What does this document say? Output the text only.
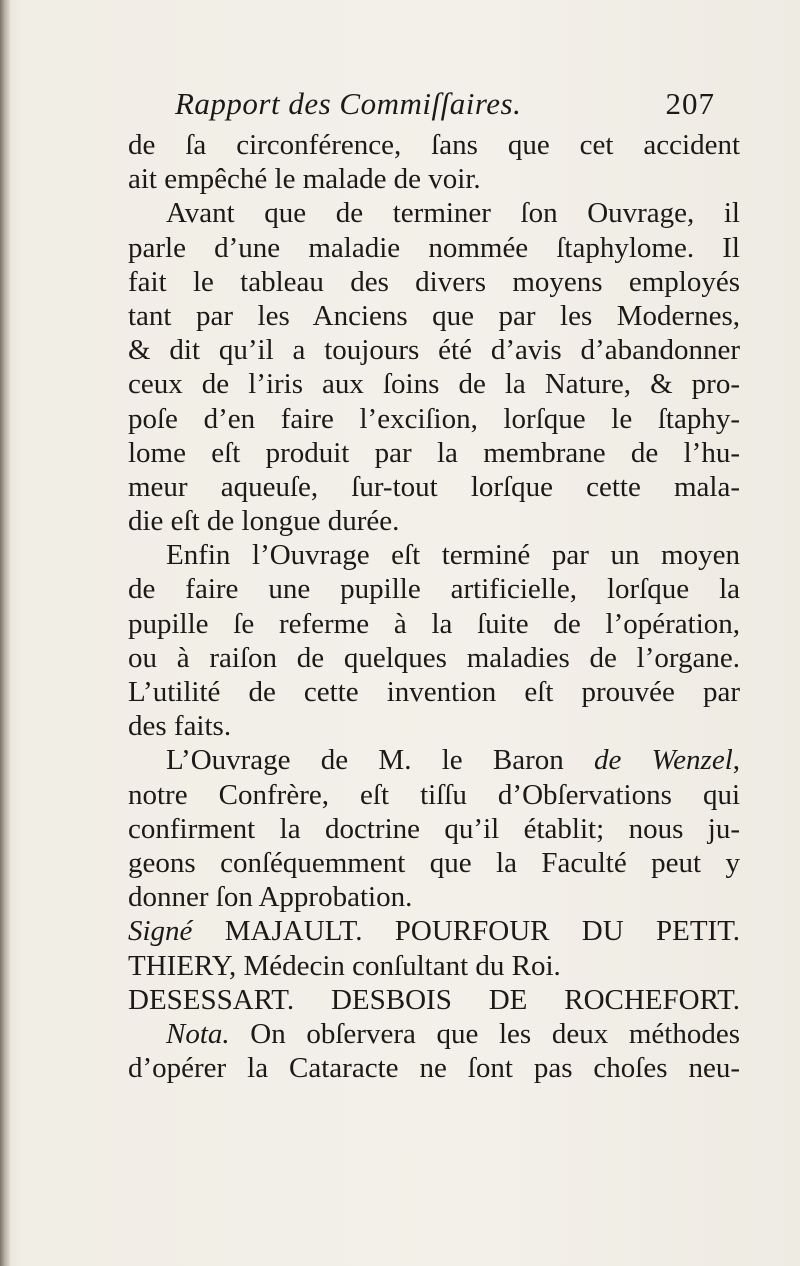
Rapport des Commiſſaires.	207
de ſa circonférence, ſans que cet accident
ait empêché le malade de voir.
Avant que de terminer ſon Ouvrage, il
parle d’une maladie nommée ſtaphylome. Il
fait le tableau des divers moyens employés
tant par les Anciens que par les Modernes,
& dit qu’il a toujours été d’avis d’abandonner
ceux de l’iris aux ſoins de la Nature, & pro-
poſe d’en faire l’exciſion, lorſque le ſtaphy-
lome eſt produit par la membrane de l’hu-
meur aqueuſe, ſur-tout lorſque cette mala-
die eſt de longue durée.
Enfin l’Ouvrage eſt terminé par un moyen
de faire une pupille artificielle, lorſque la
pupille ſe referme à la ſuite de l’opération,
ou à raiſon de quelques maladies de l’organe.
L’utilité de cette invention eſt prouvée par
des faits.
L’Ouvrage de M. le Baron de Wenzel,
notre Confrère, eſt tiſſu d’Obſervations qui
confirment la doctrine qu’il établit; nous ju-
geons conſéquemment que la Faculté peut y
donner ſon Approbation.
Signé MAJAULT. POURFOUR DU PETIT.
THIERY, Médecin conſultant du Roi.
DESESSART. DESBOIS DE ROCHEFORT.
Nota. On obſervera que les deux méthodes
d’opérer la Cataracte ne ſont pas choſes neu-
